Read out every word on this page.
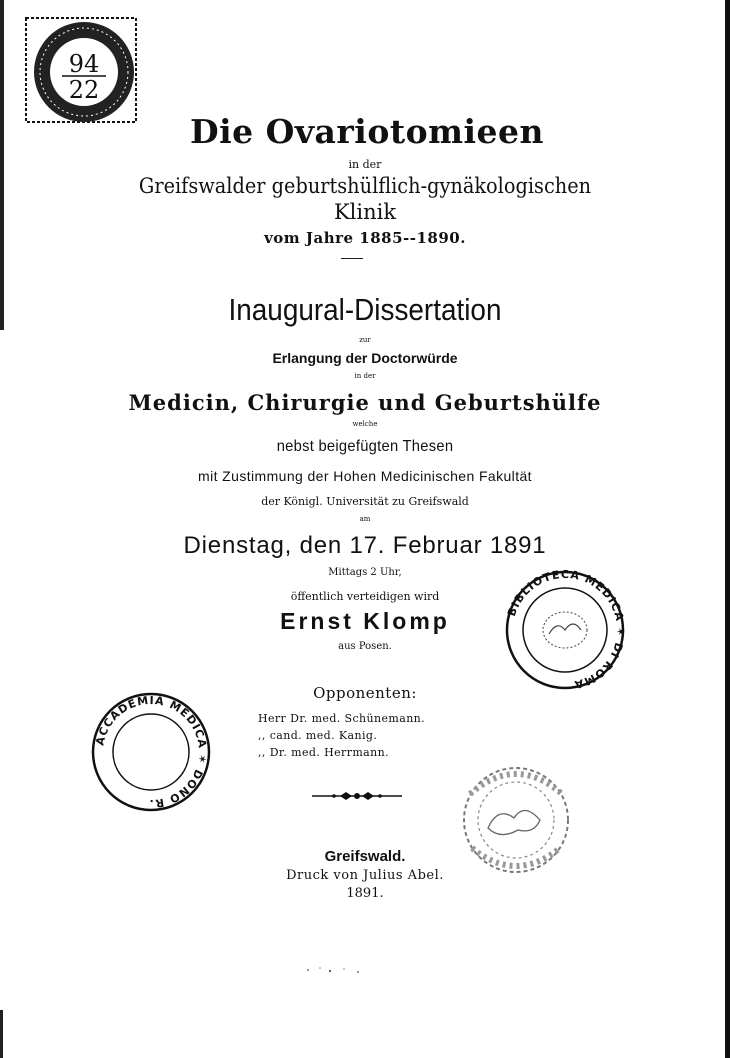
94
22
Die Ovariotomieen
in der
Greifswalder geburtshülflich-gynäkologischen
Klinik
vom Jahre 1885--1890.
Inaugural-Dissertation
zur
Erlangung der Doctorwürde
in der
Medicin, Chirurgie und Geburtshülfe
welche
nebst beigefügten Thesen
mit Zustimmung der Hohen Medicinischen Fakultät
der Königl. Universität zu Greifswald
am
Dienstag, den 17. Februar 1891
Mittags 2 Uhr,
öffentlich verteidigen wird
Ernst Klomp
aus Posen.
Opponenten:
Herr Dr. med. Schünemann.
,, cand. med. Kanig.
,, Dr. med. Herrmann.
Greifswald.
Druck von Julius Abel.
1891.
BIBLIOTECA MEDICA ✶ DI ROMA
ACCADEMIA MEDICA ✶ DONO R.
